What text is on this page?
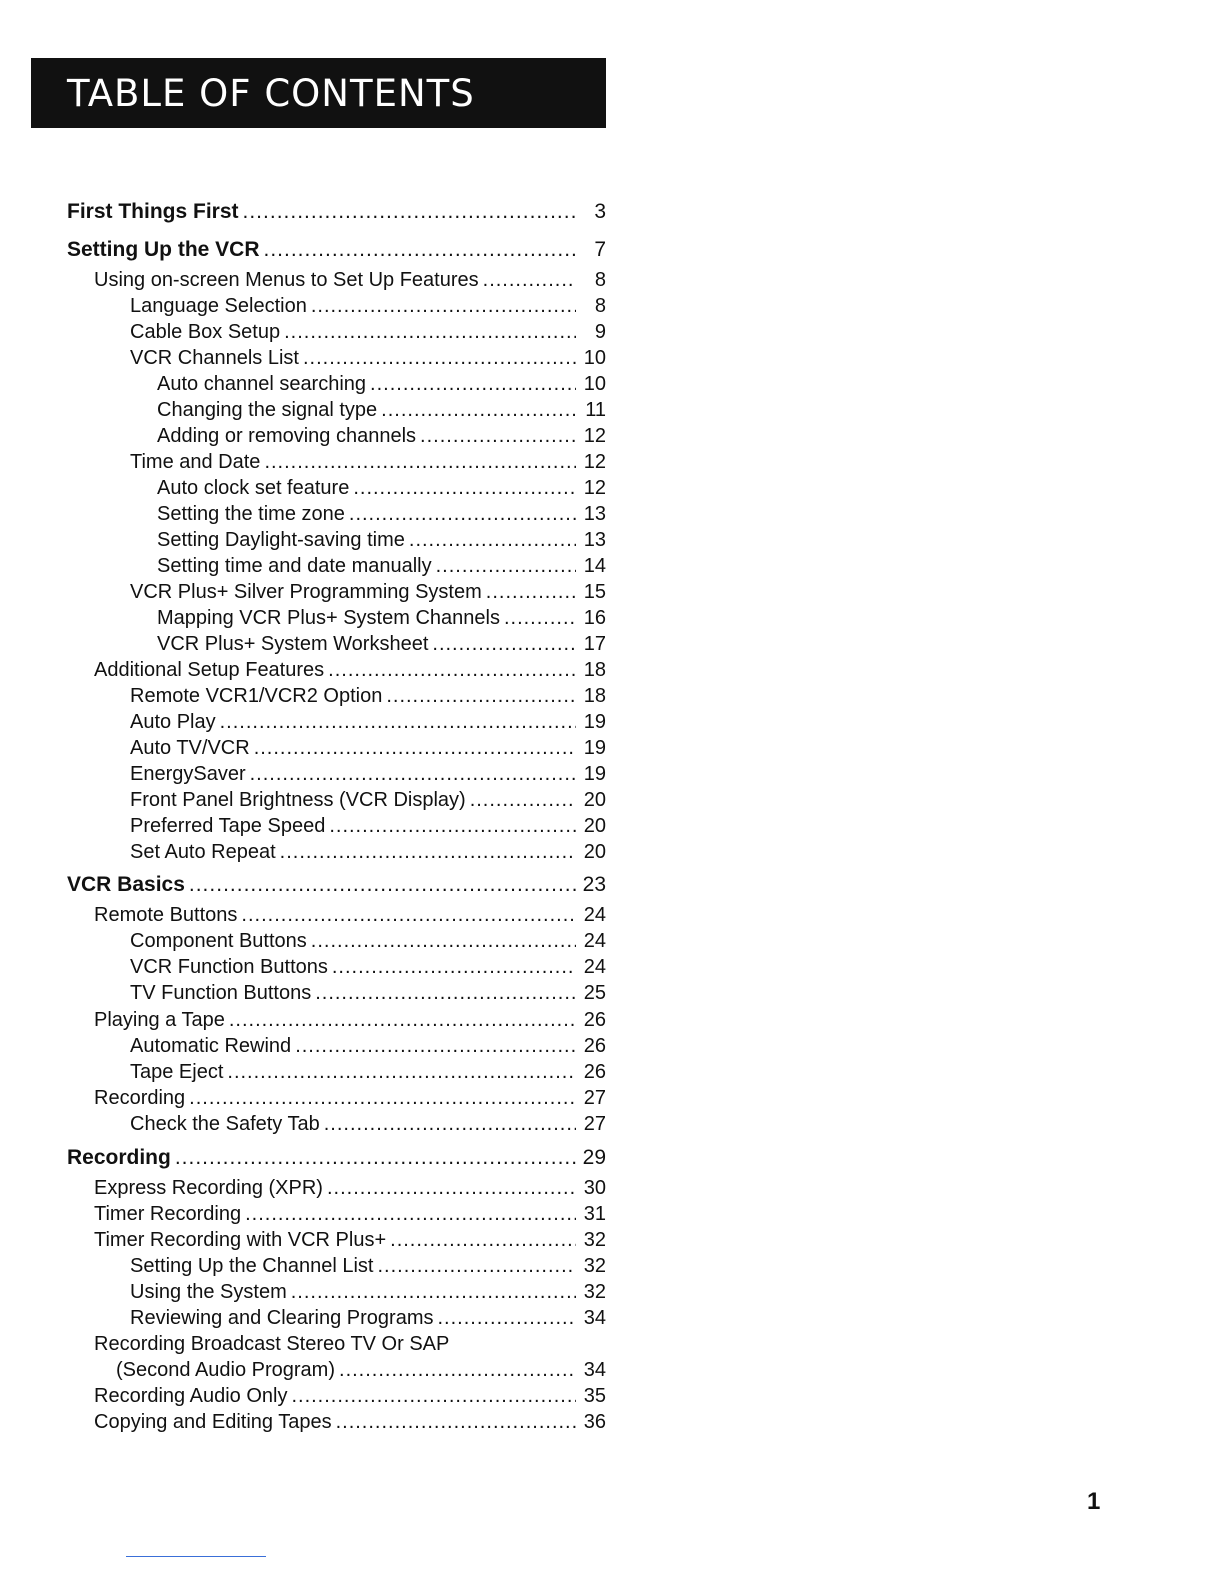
TABLE OF CONTENTS
First Things First .....	3
Setting Up the VCR .....	7
Using on-screen Menus to Set Up Features .....	8
Language Selection .....	8
Cable Box Setup .....	9
VCR Channels List .....	10
Auto channel searching .....	10
Changing the signal type .....	11
Adding or removing channels .....	12
Time and Date .....	12
Auto clock set feature .....	12
Setting the time zone .....	13
Setting Daylight-saving time .....	13
Setting time and date manually .....	14
VCR Plus+ Silver Programming System .....	15
Mapping VCR Plus+ System Channels .....	16
VCR Plus+ System Worksheet .....	17
Additional Setup Features .....	18
Remote VCR1/VCR2 Option .....	18
Auto Play .....	19
Auto TV/VCR .....	19
EnergySaver .....	19
Front Panel Brightness (VCR Display) .....	20
Preferred Tape Speed .....	20
Set Auto Repeat .....	20
VCR Basics .....	23
Remote Buttons .....	24
Component Buttons .....	24
VCR Function Buttons .....	24
TV Function Buttons .....	25
Playing a Tape .....	26
Automatic Rewind .....	26
Tape Eject .....	26
Recording .....	27
Check the Safety Tab .....	27
Recording .....	29
Express Recording (XPR) .....	30
Timer Recording .....	31
Timer Recording with VCR Plus+ .....	32
Setting Up the Channel List .....	32
Using the System .....	32
Reviewing and Clearing Programs .....	34
Recording Broadcast Stereo TV Or SAP
(Second Audio Program) .....	34
Recording Audio Only .....	35
Copying and Editing Tapes .....	36
1
